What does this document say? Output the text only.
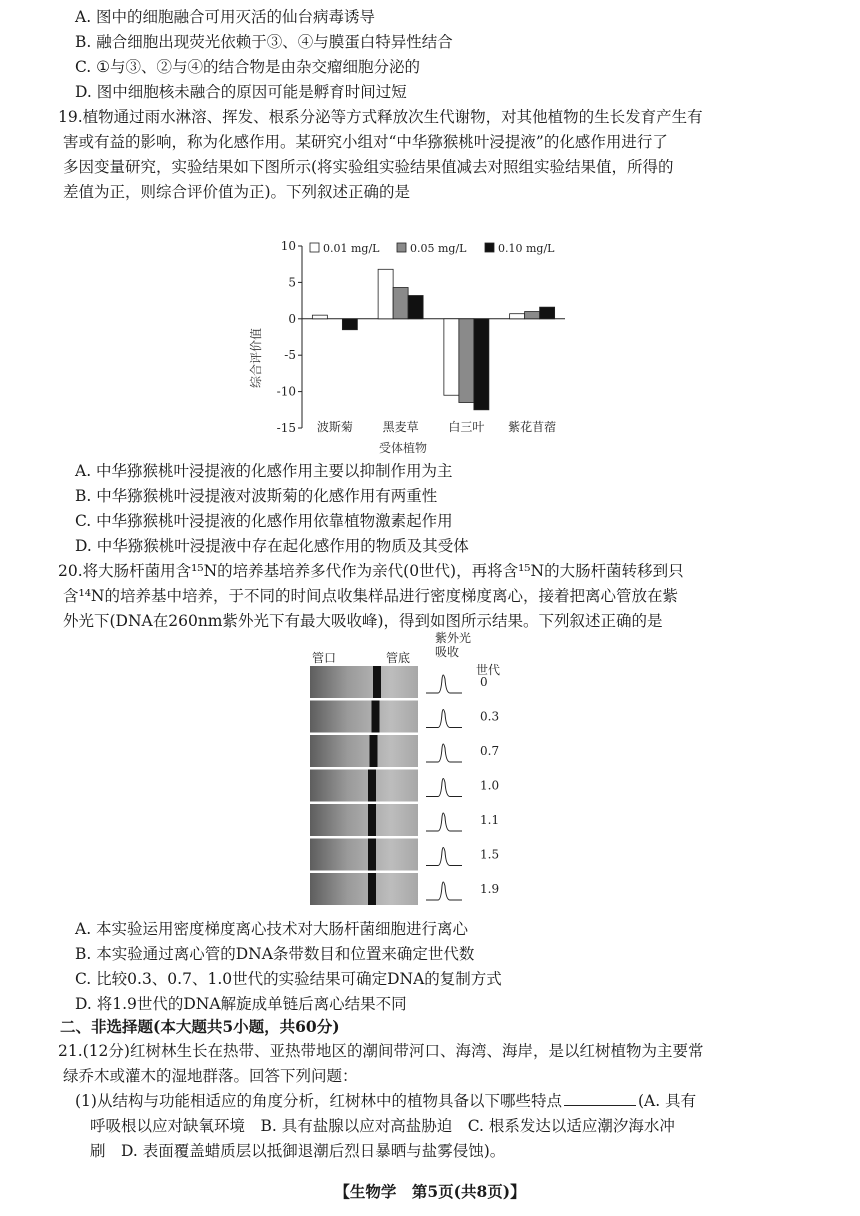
A. 图中的细胞融合可用灭活的仙台病毒诱导
B. 融合细胞出现荧光依赖于③、④与膜蛋白特异性结合
C. ①与③、②与④的结合物是由杂交瘤细胞分泌的
D. 图中细胞核未融合的原因可能是孵育时间过短
19.植物通过雨水淋溶、挥发、根系分泌等方式释放次生代谢物，对其他植物的生长发育产生有
害或有益的影响，称为化感作用。某研究小组对“中华猕猴桃叶浸提液”的化感作用进行了
多因变量研究，实验结果如下图所示(将实验组实验结果值减去对照组实验结果值，所得的
差值为正，则综合评价值为正)。下列叙述正确的是
10
5
0
-5
-10
-15
0.01 mg/L	0.05 mg/L	0.10 mg/L
波斯菊 黑麦草 白三叶 紫花苜蓿
综合评价值
受体植物
A. 中华猕猴桃叶浸提液的化感作用主要以抑制作用为主
B. 中华猕猴桃叶浸提液对波斯菊的化感作用有两重性
C. 中华猕猴桃叶浸提液的化感作用依靠植物激素起作用
D. 中华猕猴桃叶浸提液中存在起化感作用的物质及其受体
20.将大肠杆菌用含¹⁵N的培养基培养多代作为亲代(0世代)，再将含¹⁵N的大肠杆菌转移到只
含¹⁴N的培养基中培养，于不同的时间点收集样品进行密度梯度离心，接着把离心管放在紫
外光下(DNA在260nm紫外光下有最大吸收峰)，得到如图所示结果。下列叙述正确的是
管口	管底
紫外光
吸收
世代
0
0.3
0.7
1.0
1.1
1.5
1.9
A. 本实验运用密度梯度离心技术对大肠杆菌细胞进行离心
B. 本实验通过离心管的DNA条带数目和位置来确定世代数
C. 比较0.3、0.7、1.0世代的实验结果可确定DNA的复制方式
D. 将1.9世代的DNA解旋成单链后离心结果不同
二、非选择题(本大题共5小题，共60分)
21.(12分)红树林生长在热带、亚热带地区的潮间带河口、海湾、海岸，是以红树植物为主要常
绿乔木或灌木的湿地群落。回答下列问题：
(1)从结构与功能相适应的角度分析，红树林中的植物具备以下哪些特点	(A. 具有
呼吸根以应对缺氧环境　B. 具有盐腺以应对高盐胁迫　C. 根系发达以适应潮汐海水冲
刷　D. 表面覆盖蜡质层以抵御退潮后烈日暴晒与盐雾侵蚀)。
【生物学　第5页(共8页)】
